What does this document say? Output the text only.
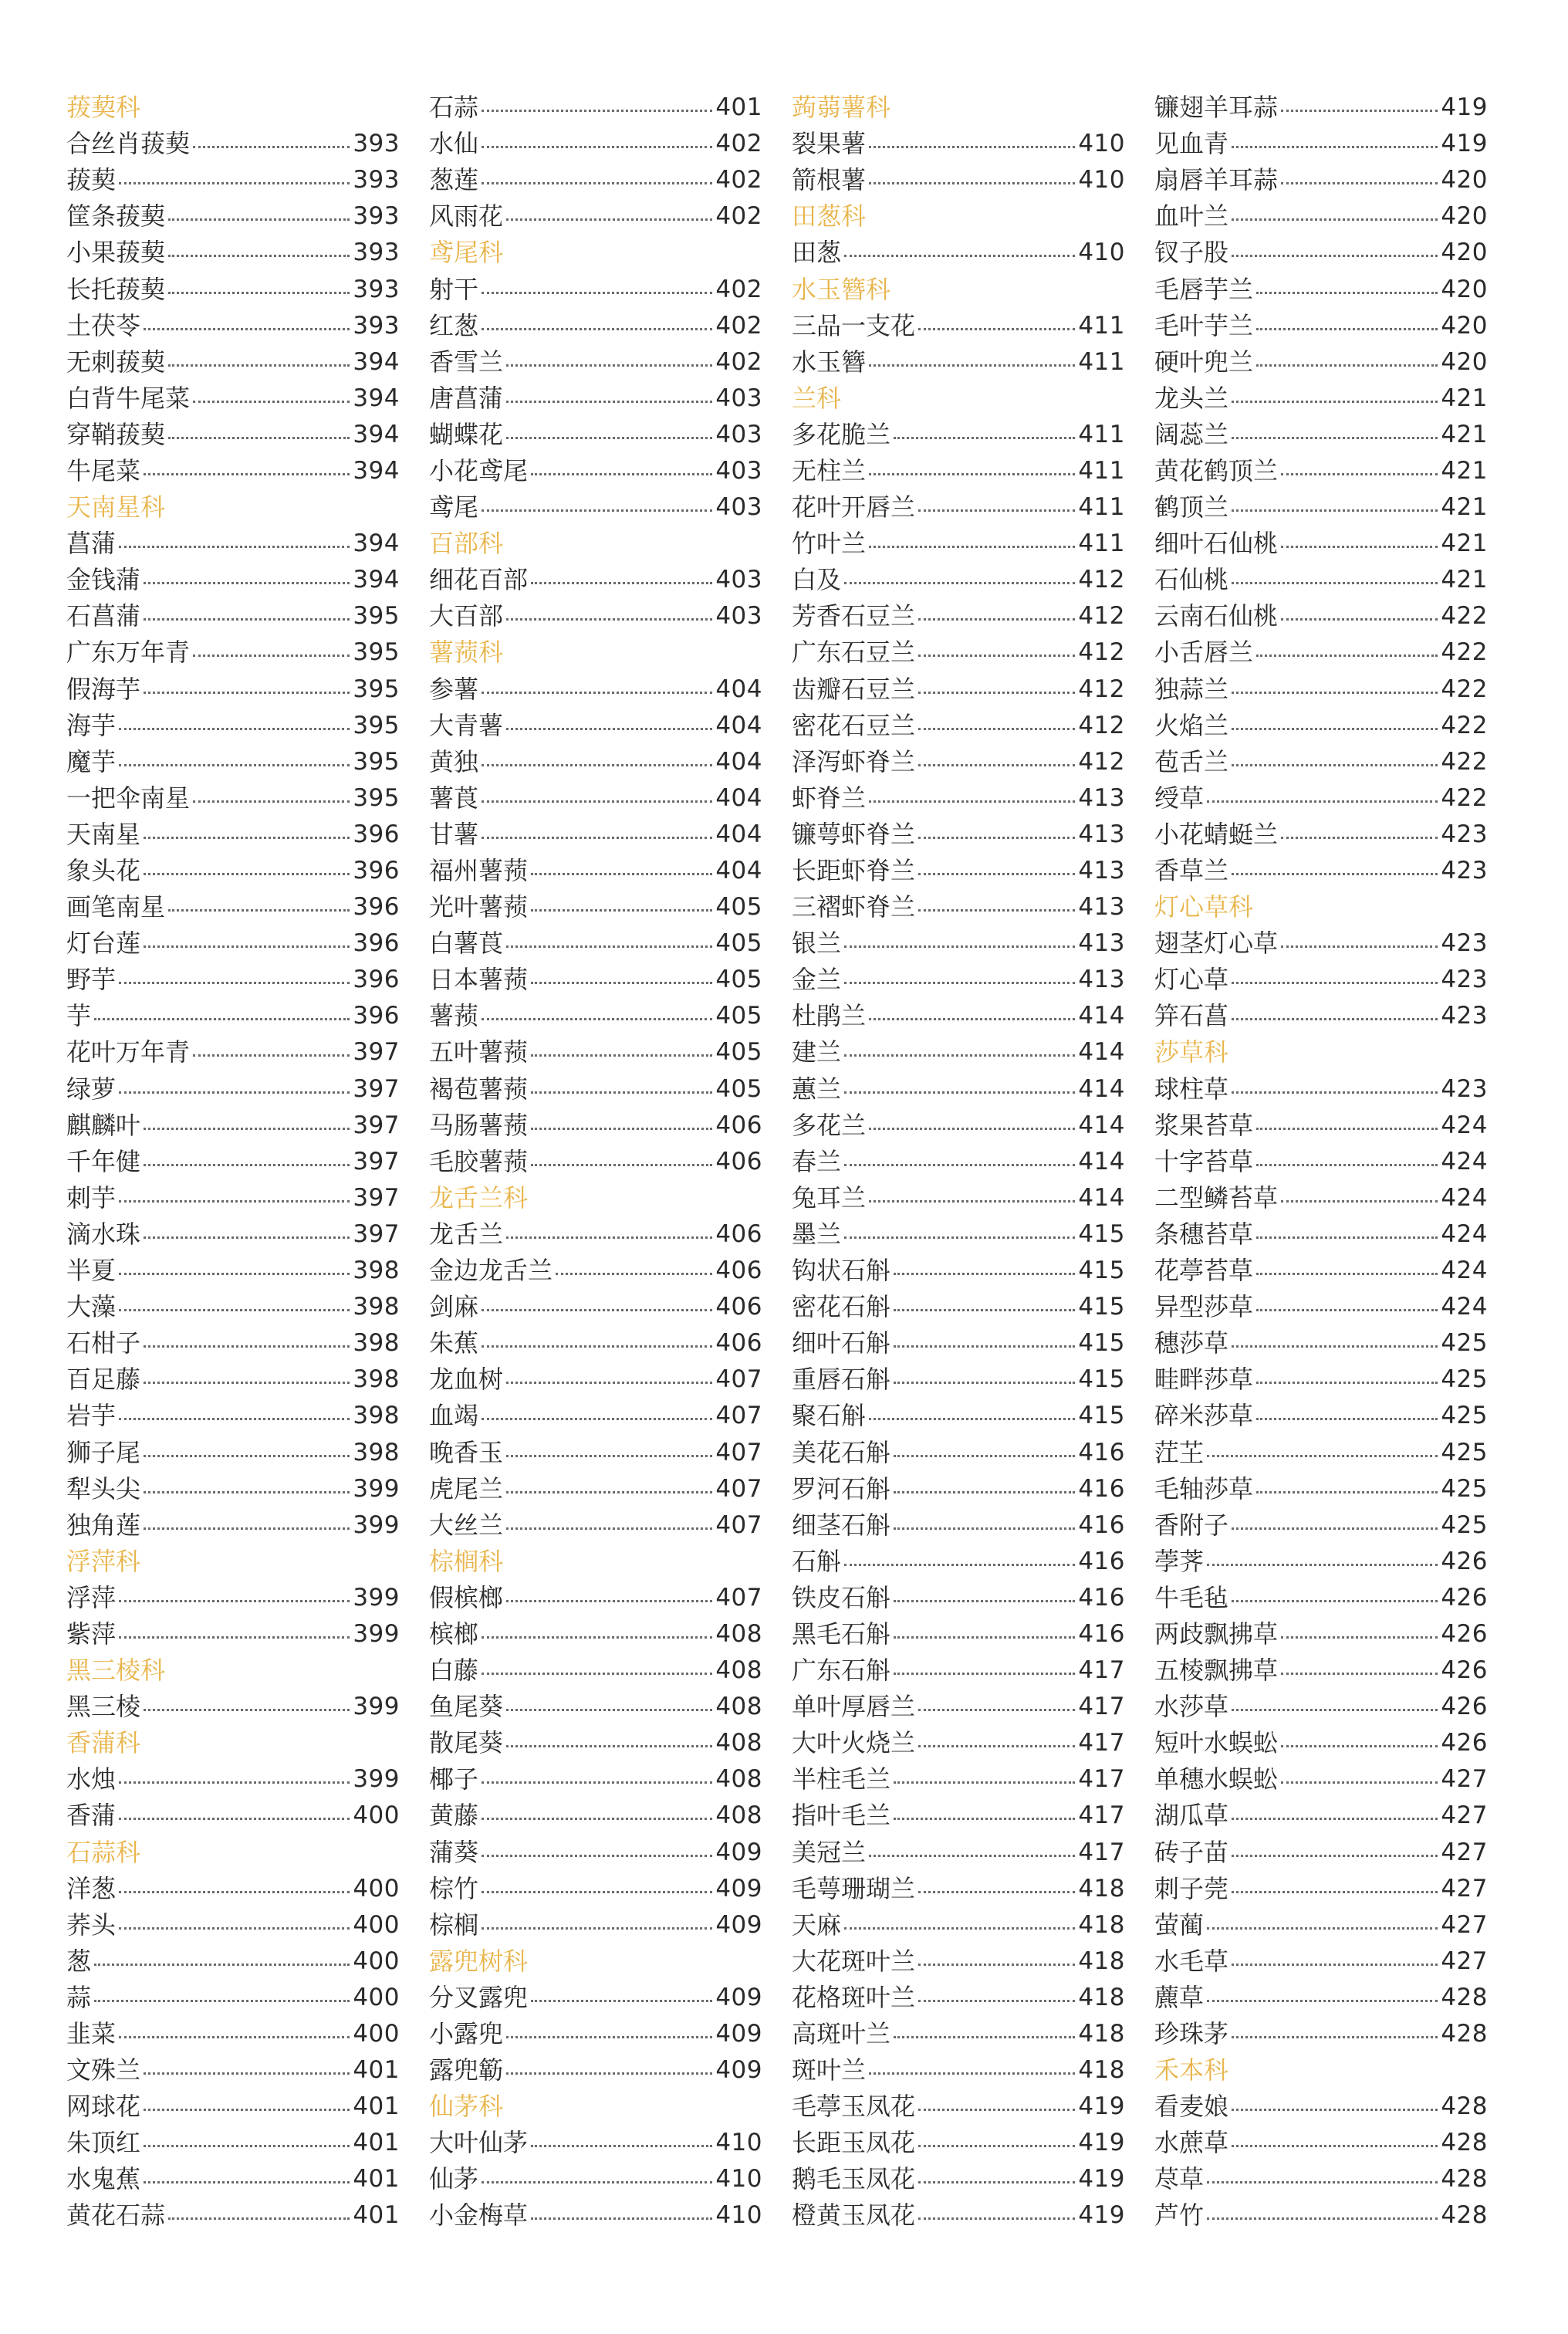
菝葜科
合丝肖菝葜	393
菝葜	393
筐条菝葜	393
小果菝葜	393
长托菝葜	393
土茯苓	393
无刺菝葜	394
白背牛尾菜	394
穿鞘菝葜	394
牛尾菜	394
天南星科
菖蒲	394
金钱蒲	394
石菖蒲	395
广东万年青	395
假海芋	395
海芋	395
魔芋	395
一把伞南星	395
天南星	396
象头花	396
画笔南星	396
灯台莲	396
野芋	396
芋	396
花叶万年青	397
绿萝	397
麒麟叶	397
千年健	397
刺芋	397
滴水珠	397
半夏	398
大藻	398
石柑子	398
百足藤	398
岩芋	398
狮子尾	398
犁头尖	399
独角莲	399
浮萍科
浮萍	399
紫萍	399
黑三棱科
黑三棱	399
香蒲科
水烛	399
香蒲	400
石蒜科
洋葱	400
荞头	400
葱	400
蒜	400
韭菜	400
文殊兰	401
网球花	401
朱顶红	401
水鬼蕉	401
黄花石蒜	401
石蒜	401
水仙	402
葱莲	402
风雨花	402
鸢尾科
射干	402
红葱	402
香雪兰	402
唐菖蒲	403
蝴蝶花	403
小花鸢尾	403
鸢尾	403
百部科
细花百部	403
大百部	403
薯蓣科
参薯	404
大青薯	404
黄独	404
薯莨	404
甘薯	404
福州薯蓣	404
光叶薯蓣	405
白薯莨	405
日本薯蓣	405
薯蓣	405
五叶薯蓣	405
褐苞薯蓣	405
马肠薯蓣	406
毛胶薯蓣	406
龙舌兰科
龙舌兰	406
金边龙舌兰	406
剑麻	406
朱蕉	406
龙血树	407
血竭	407
晚香玉	407
虎尾兰	407
大丝兰	407
棕榈科
假槟榔	407
槟榔	408
白藤	408
鱼尾葵	408
散尾葵	408
椰子	408
黄藤	408
蒲葵	409
棕竹	409
棕榈	409
露兜树科
分叉露兜	409
小露兜	409
露兜簕	409
仙茅科
大叶仙茅	410
仙茅	410
小金梅草	410
蒟蒻薯科
裂果薯	410
箭根薯	410
田葱科
田葱	410
水玉簪科
三品一支花	411
水玉簪	411
兰科
多花脆兰	411
无柱兰	411
花叶开唇兰	411
竹叶兰	411
白及	412
芳香石豆兰	412
广东石豆兰	412
齿瓣石豆兰	412
密花石豆兰	412
泽泻虾脊兰	412
虾脊兰	413
镰萼虾脊兰	413
长距虾脊兰	413
三褶虾脊兰	413
银兰	413
金兰	413
杜鹃兰	414
建兰	414
蕙兰	414
多花兰	414
春兰	414
兔耳兰	414
墨兰	415
钩状石斛	415
密花石斛	415
细叶石斛	415
重唇石斛	415
聚石斛	415
美花石斛	416
罗河石斛	416
细茎石斛	416
石斛	416
铁皮石斛	416
黑毛石斛	416
广东石斛	417
单叶厚唇兰	417
大叶火烧兰	417
半柱毛兰	417
指叶毛兰	417
美冠兰	417
毛萼珊瑚兰	418
天麻	418
大花斑叶兰	418
花格斑叶兰	418
高斑叶兰	418
斑叶兰	418
毛葶玉凤花	419
长距玉凤花	419
鹅毛玉凤花	419
橙黄玉凤花	419
镰翅羊耳蒜	419
见血青	419
扇唇羊耳蒜	420
血叶兰	420
钗子股	420
毛唇芋兰	420
毛叶芋兰	420
硬叶兜兰	420
龙头兰	421
阔蕊兰	421
黄花鹤顶兰	421
鹤顶兰	421
细叶石仙桃	421
石仙桃	421
云南石仙桃	422
小舌唇兰	422
独蒜兰	422
火焰兰	422
苞舌兰	422
绶草	422
小花蜻蜓兰	423
香草兰	423
灯心草科
翅茎灯心草	423
灯心草	423
笄石菖	423
莎草科
球柱草	423
浆果苔草	424
十字苔草	424
二型鳞苔草	424
条穗苔草	424
花葶苔草	424
异型莎草	424
穗莎草	425
畦畔莎草	425
碎米莎草	425
茳芏	425
毛轴莎草	425
香附子	425
荸荠	426
牛毛毡	426
两歧飘拂草	426
五棱飘拂草	426
水莎草	426
短叶水蜈蚣	426
单穗水蜈蚣	427
湖瓜草	427
砖子苗	427
刺子莞	427
萤蔺	427
水毛草	427
藨草	428
珍珠茅	428
禾本科
看麦娘	428
水蔗草	428
荩草	428
芦竹	428
